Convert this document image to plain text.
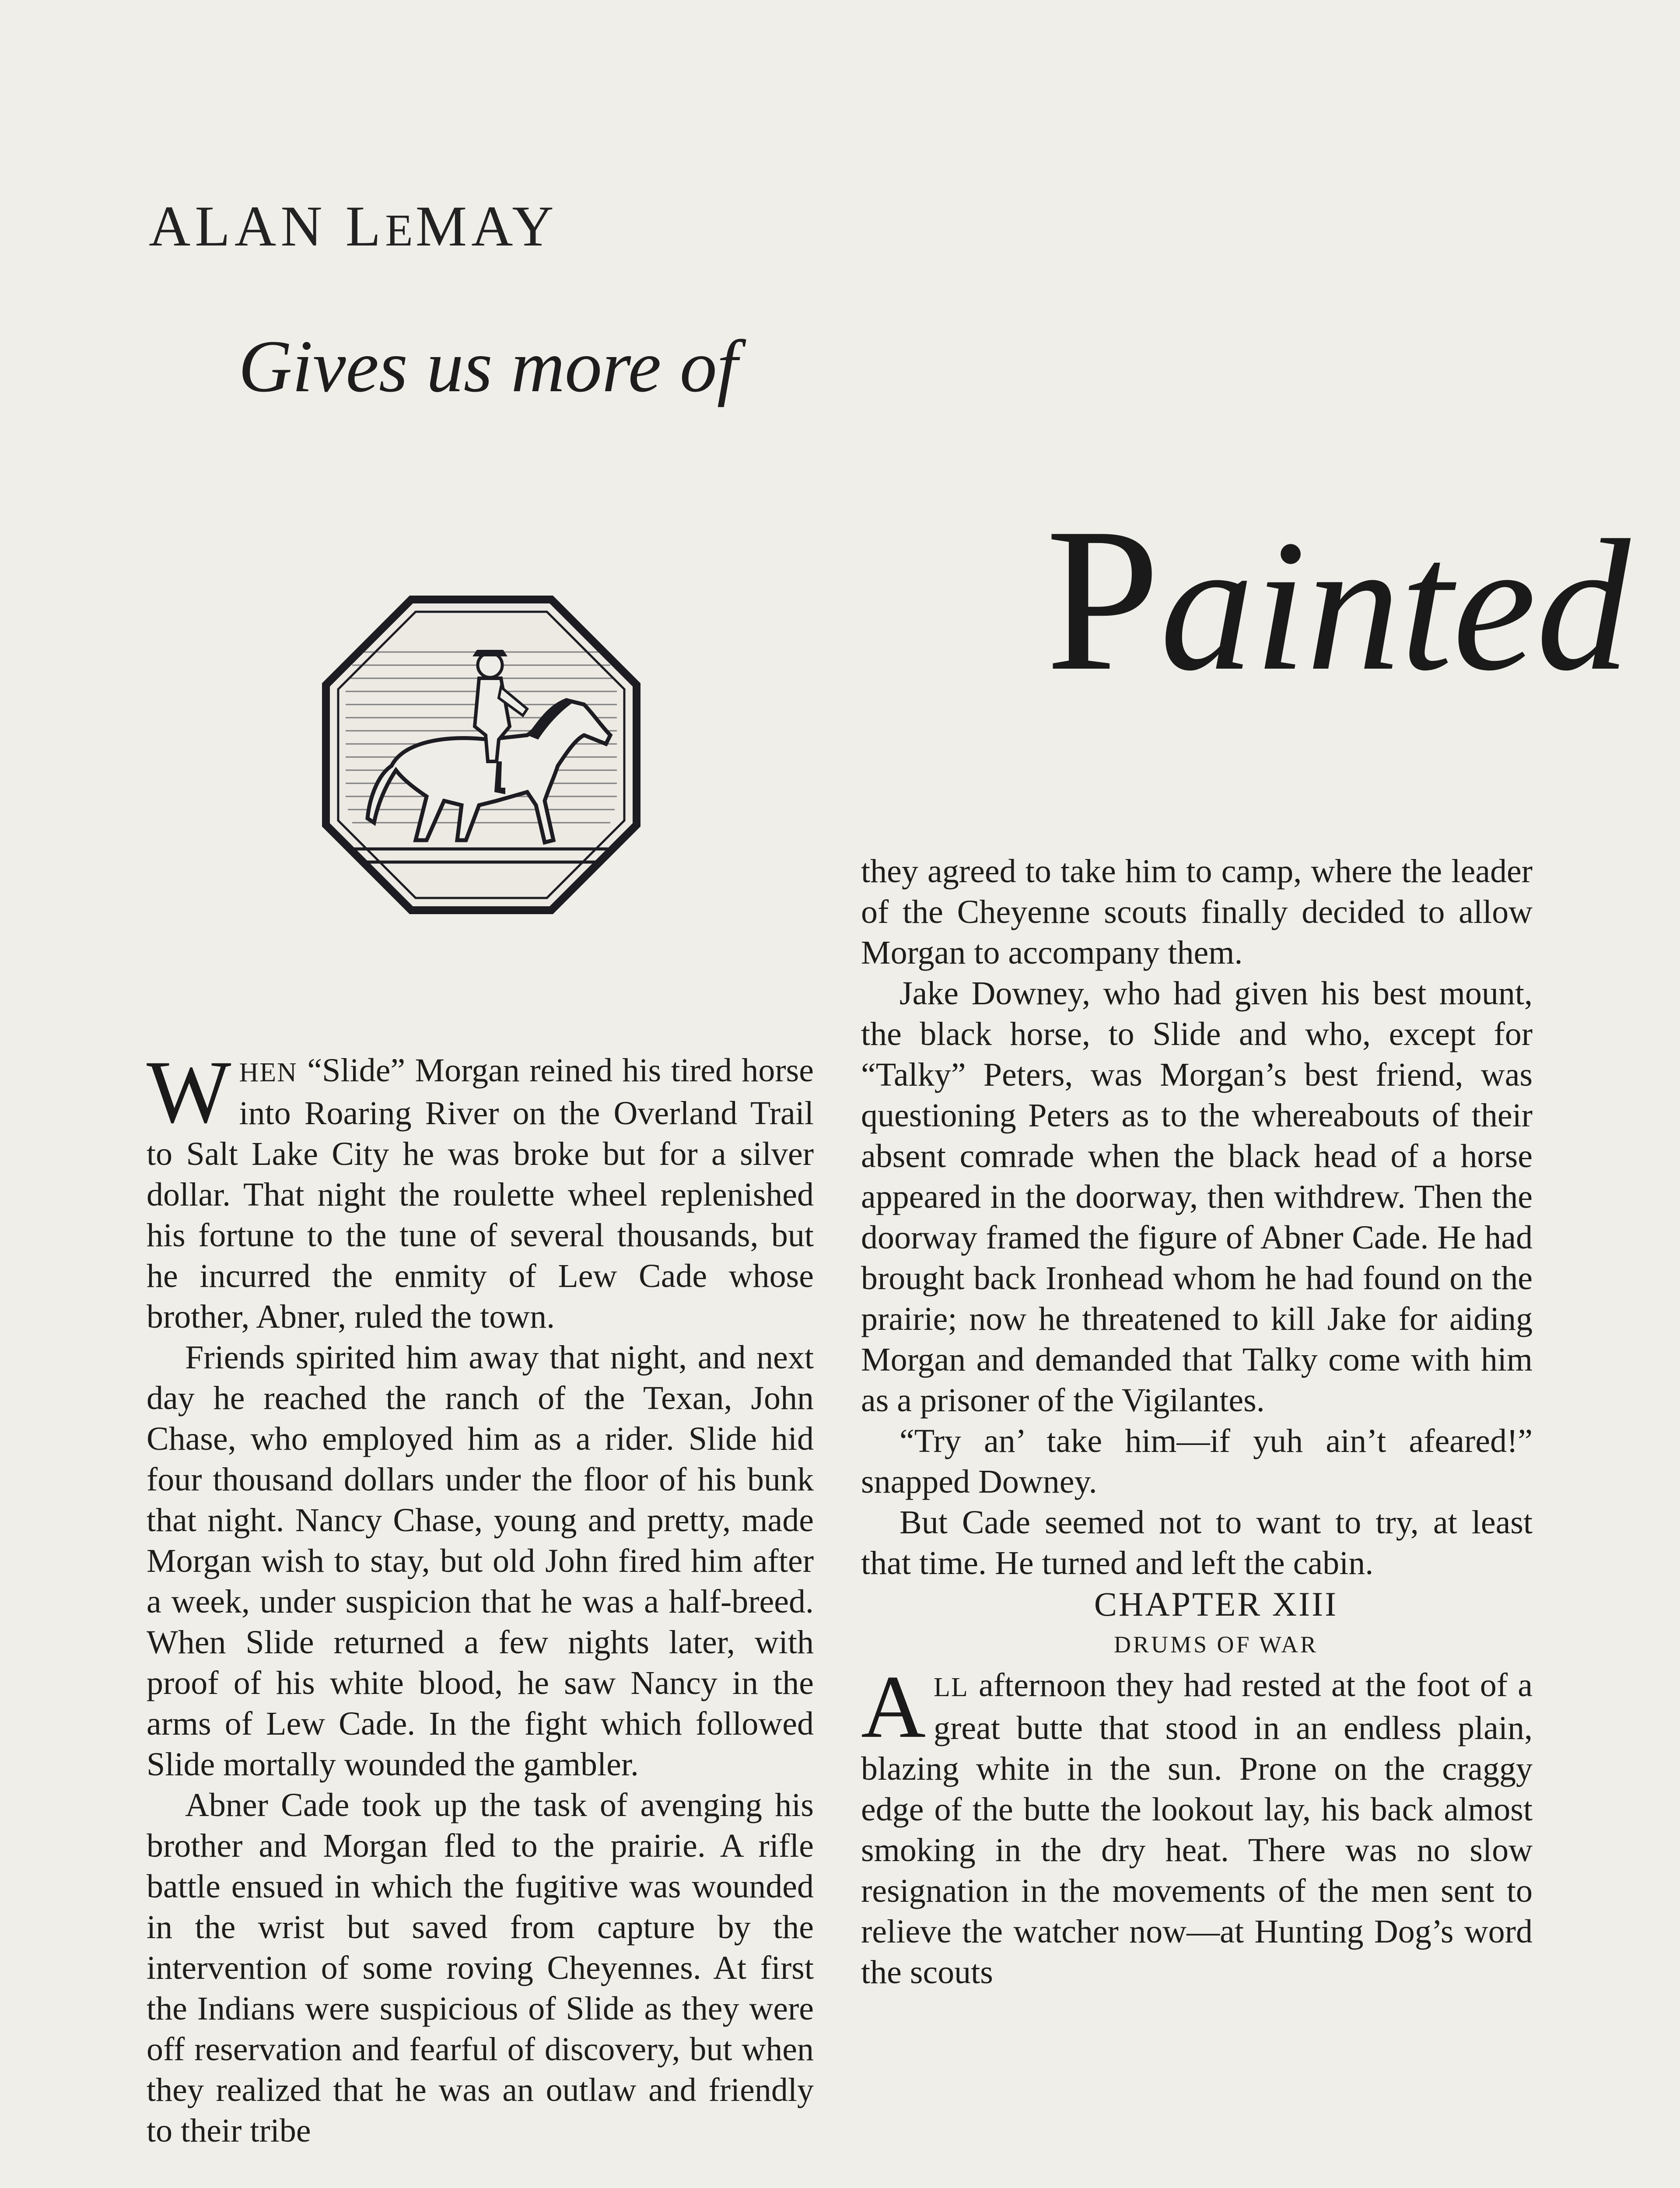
ALAN LEMAY
Gives us more of
Painted

WHEN “Slide” Morgan reined his tired horse into Roaring River on the Overland Trail to Salt Lake City he was broke but for a silver dollar. That night the roulette wheel replenished his fortune to the tune of several thousands, but he incurred the enmity of Lew Cade whose brother, Abner, ruled the town.

Friends spirited him away that night, and next day he reached the ranch of the Texan, John Chase, who employed him as a rider. Slide hid four thousand dollars under the floor of his bunk that night. Nancy Chase, young and pretty, made Morgan wish to stay, but old John fired him after a week, under suspicion that he was a half-breed. When Slide returned a few nights later, with proof of his white blood, he saw Nancy in the arms of Lew Cade. In the fight which followed Slide mortally wounded the gambler.

Abner Cade took up the task of avenging his brother and Morgan fled to the prairie. A rifle battle ensued in which the fugitive was wounded in the wrist but saved from capture by the intervention of some roving Cheyennes. At first the Indians were suspicious of Slide as they were off reservation and fearful of discovery, but when they realized that he was an outlaw and friendly to their tribe

they agreed to take him to camp, where the leader of the Cheyenne scouts finally decided to allow Morgan to accompany them.

Jake Downey, who had given his best mount, the black horse, to Slide and who, except for “Talky” Peters, was Morgan’s best friend, was questioning Peters as to the whereabouts of their absent comrade when the black head of a horse appeared in the doorway, then withdrew. Then the doorway framed the figure of Abner Cade. He had brought back Ironhead whom he had found on the prairie; now he threatened to kill Jake for aiding Morgan and demanded that Talky come with him as a prisoner of the Vigilantes.

“Try an’ take him—if yuh ain’t afeared!” snapped Downey.

But Cade seemed not to want to try, at least that time. He turned and left the cabin.

CHAPTER XIII

DRUMS OF WAR

ALL afternoon they had rested at the foot of a great butte that stood in an endless plain, blazing white in the sun. Prone on the craggy edge of the butte the lookout lay, his back almost smoking in the dry heat. There was no slow resignation in the movements of the men sent to relieve the watcher now—at Hunting Dog’s word the scouts
